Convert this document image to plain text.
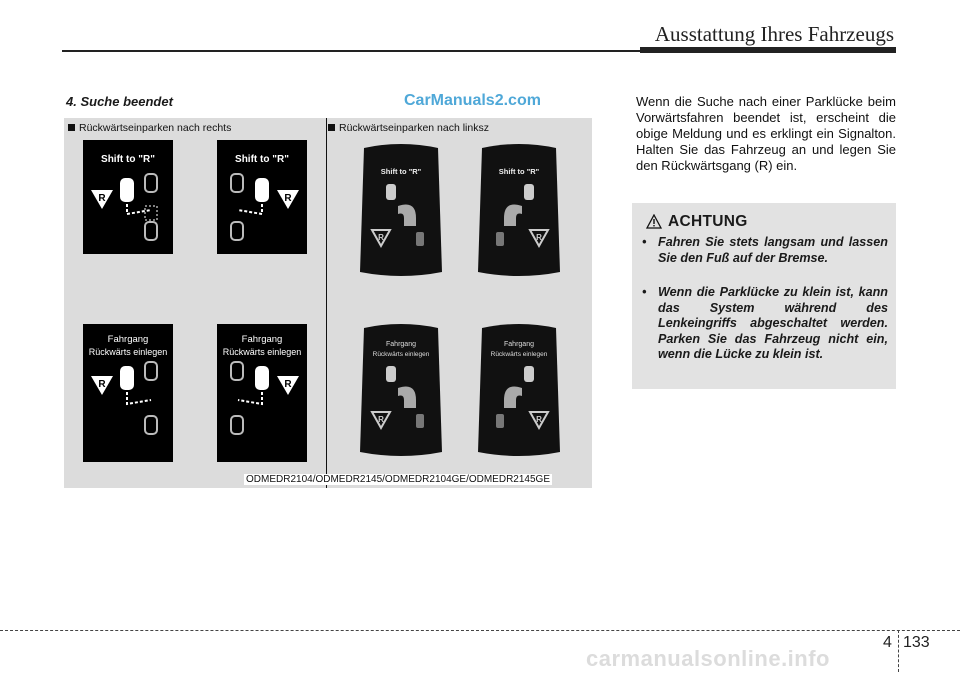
Ausstattung Ihres Fahrzeugs
4. Suche beendet	CarManuals2.com
Rückwärtseinparken nach rechts	Rückwärtseinparken nach linksz
Shift to "R"
R
Fahrgang
Rückwärts einlegen
R
Shift to "R"
R
Fahrgang
Rückwärts einlegen
R
Shift to "R"
R
Shift to "R"
R
Fahrgang
Rückwärts einlegen
R
Fahrgang
Rückwärts einlegen
R
ODMEDR2104/ODMEDR2145/ODMEDR2104GE/ODMEDR2145GE
Wenn die Suche nach einer Parklücke beim Vorwärtsfahren beendet ist, erscheint die obige Meldung und es erklingt ein Signalton. Halten Sie das Fahrzeug an und legen Sie den Rückwärtsgang (R) ein.
ACHTUNG
• Fahren Sie stets langsam und lassen Sie den Fuß auf der Bremse.
• Wenn die Parklücke zu klein ist, kann das System während des Lenkeingriffs abgeschaltet werden. Parken Sie das Fahrzeug nicht ein, wenn die Lücke zu klein ist.
4 133
carmanualsonline.info
